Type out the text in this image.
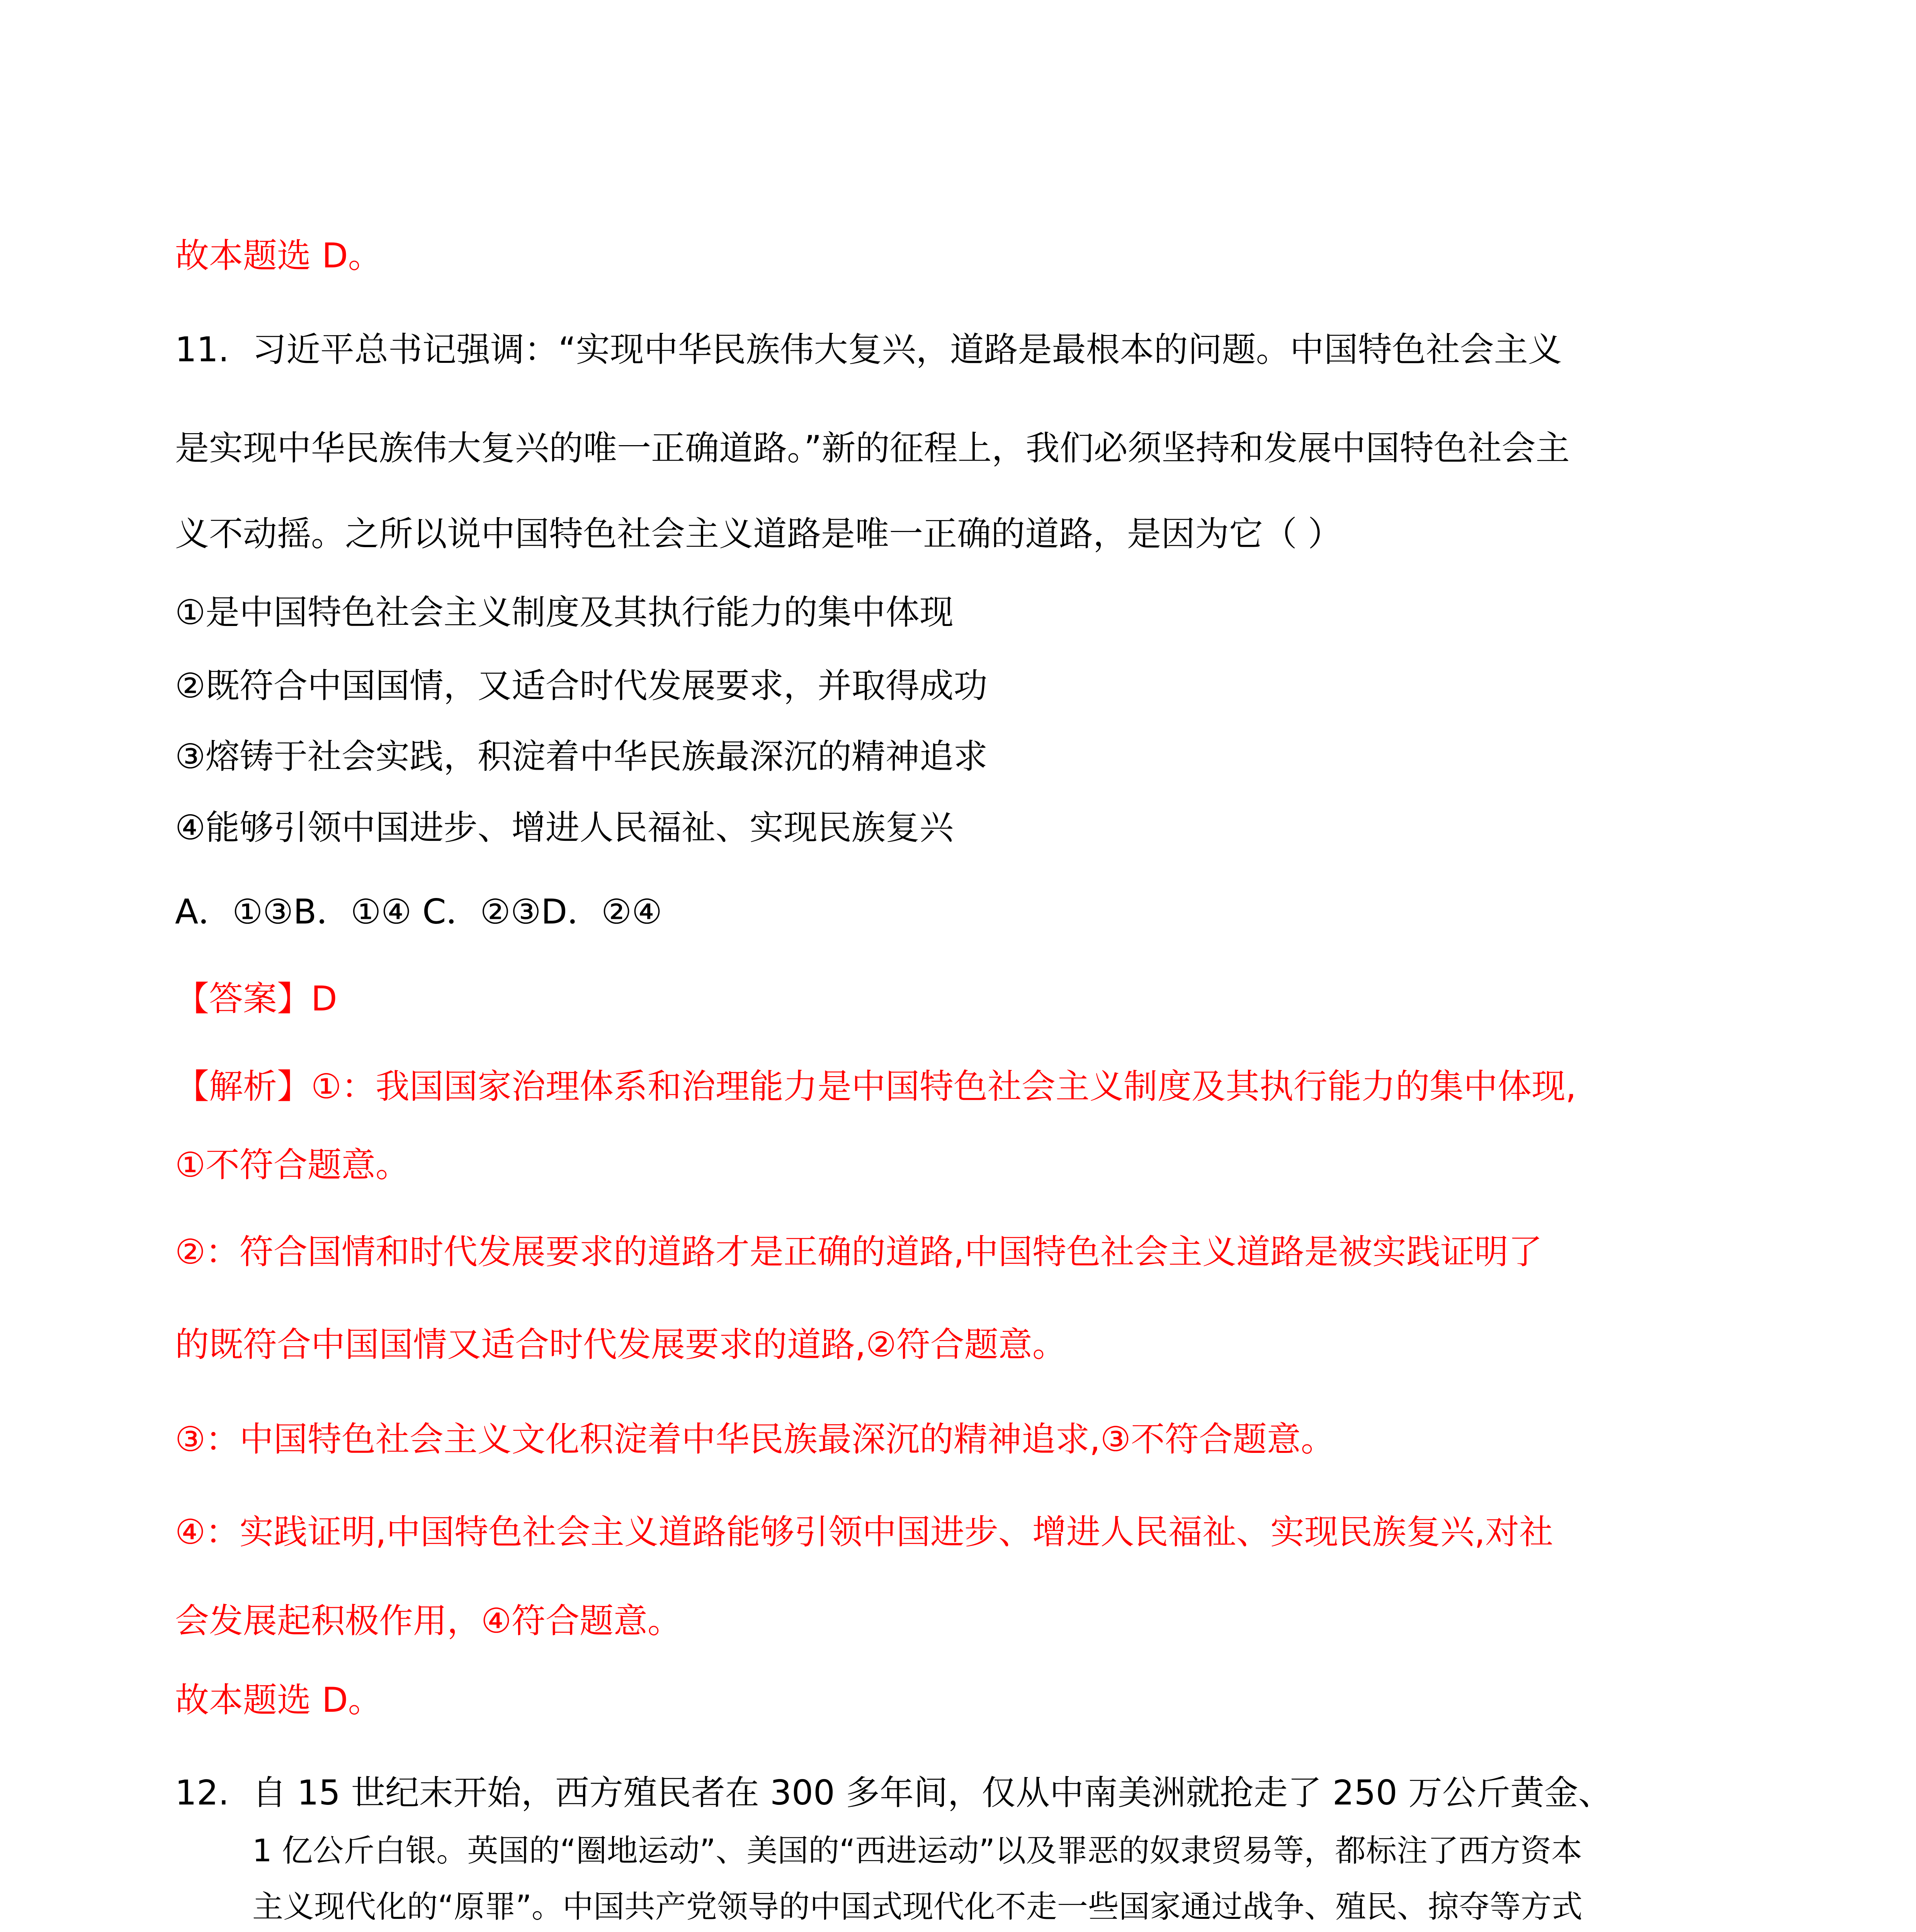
故本题选 D。
11. 习近平总书记强调：“实现中华民族伟大复兴，道路是最根本的问题。中国特色社会主义
是实现中华民族伟大复兴的唯一正确道路。”新的征程上，我们必须坚持和发展中国特色社会主
义不动摇。之所以说中国特色社会主义道路是唯一正确的道路，是因为它（ ）
①是中国特色社会主义制度及其执行能力的集中体现
②既符合中国国情，又适合时代发展要求，并取得成功
③熔铸于社会实践，积淀着中华民族最深沉的精神追求
④能够引领中国进步、增进人民福祉、实现民族复兴
A．①③B．①④ C．②③D．②④
【答案】D
【解析】①：我国国家治理体系和治理能力是中国特色社会主义制度及其执行能力的集中体现,
①不符合题意。
②：符合国情和时代发展要求的道路才是正确的道路,中国特色社会主义道路是被实践证明了
的既符合中国国情又适合时代发展要求的道路,②符合题意。
③：中国特色社会主义文化积淀着中华民族最深沉的精神追求,③不符合题意。
④：实践证明,中国特色社会主义道路能够引领中国进步、增进人民福祉、实现民族复兴,对社
会发展起积极作用，④符合题意。
故本题选 D。
12. 自 15 世纪末开始，西方殖民者在 300 多年间，仅从中南美洲就抢走了 250 万公斤黄金、
1 亿公斤白银。英国的“圈地运动”、美国的“西进运动”以及罪恶的奴隶贸易等，都标注了西方资本
主义现代化的“原罪”。中国共产党领导的中国式现代化不走一些国家通过战争、殖民、掠夺等方式
